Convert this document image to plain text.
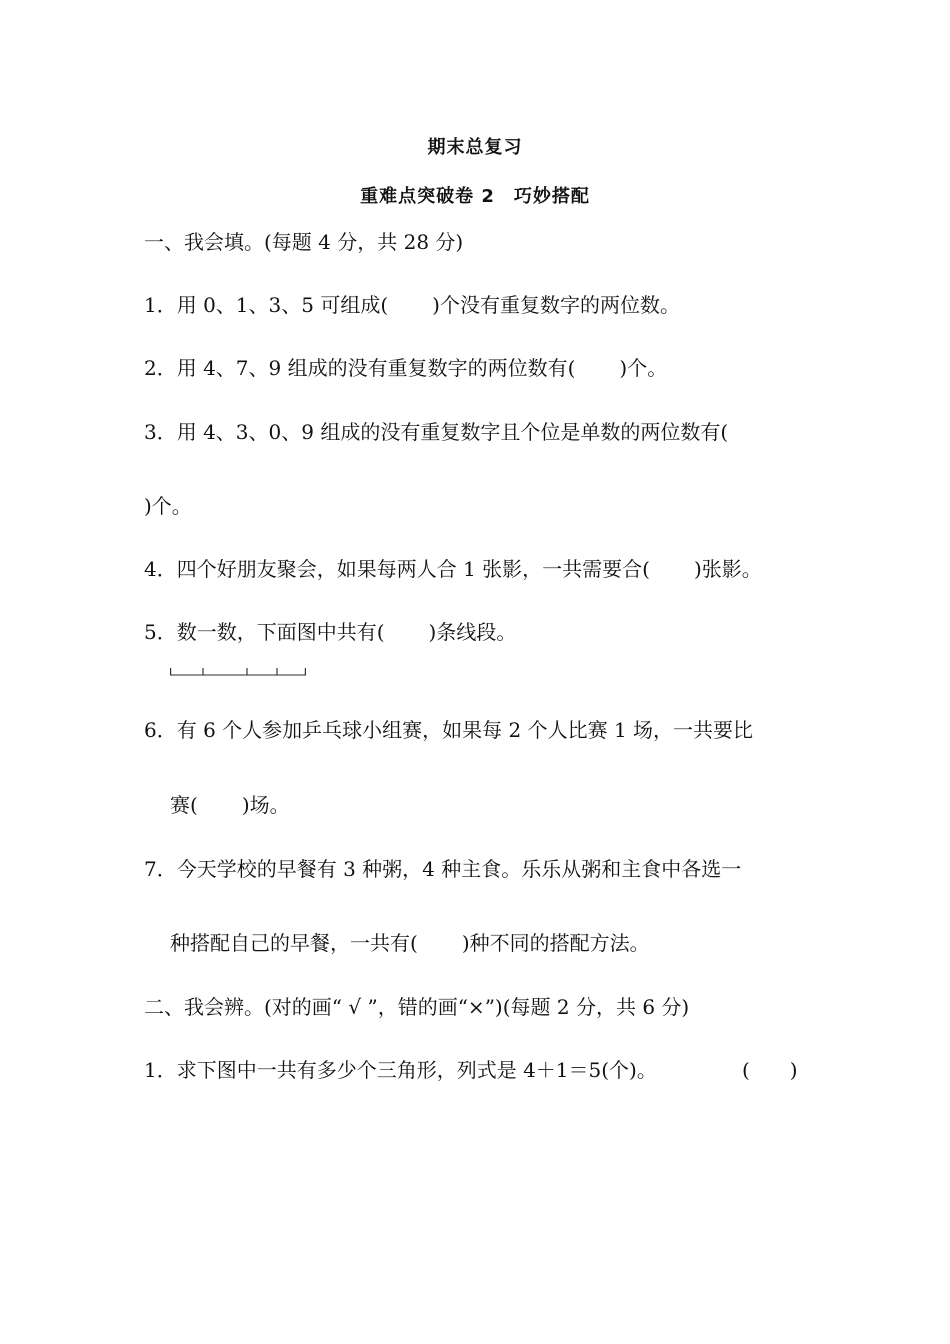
期末总复习
重难点突破卷 2　巧妙搭配
一、我会填。(每题 4 分，共 28 分)
1．用 0、1、3、5 可组成( )个没有重复数字的两位数。
2．用 4、7、9 组成的没有重复数字的两位数有( )个。
3．用 4、3、0、9 组成的没有重复数字且个位是单数的两位数有(
)个。
4．四个好朋友聚会，如果每两人合 1 张影，一共需要合( )张影。
5．数一数，下面图中共有( )条线段。
6．有 6 个人参加乒乓球小组赛，如果每 2 个人比赛 1 场，一共要比
赛( )场。
7．今天学校的早餐有 3 种粥，4 种主食。乐乐从粥和主食中各选一
种搭配自己的早餐，一共有( )种不同的搭配方法。
二、我会辨。(对的画“ √ ”，错的画“×”)(每题 2 分，共 6 分)
1．求下图中一共有多少个三角形，列式是 4＋1＝5(个)。	(　　)
